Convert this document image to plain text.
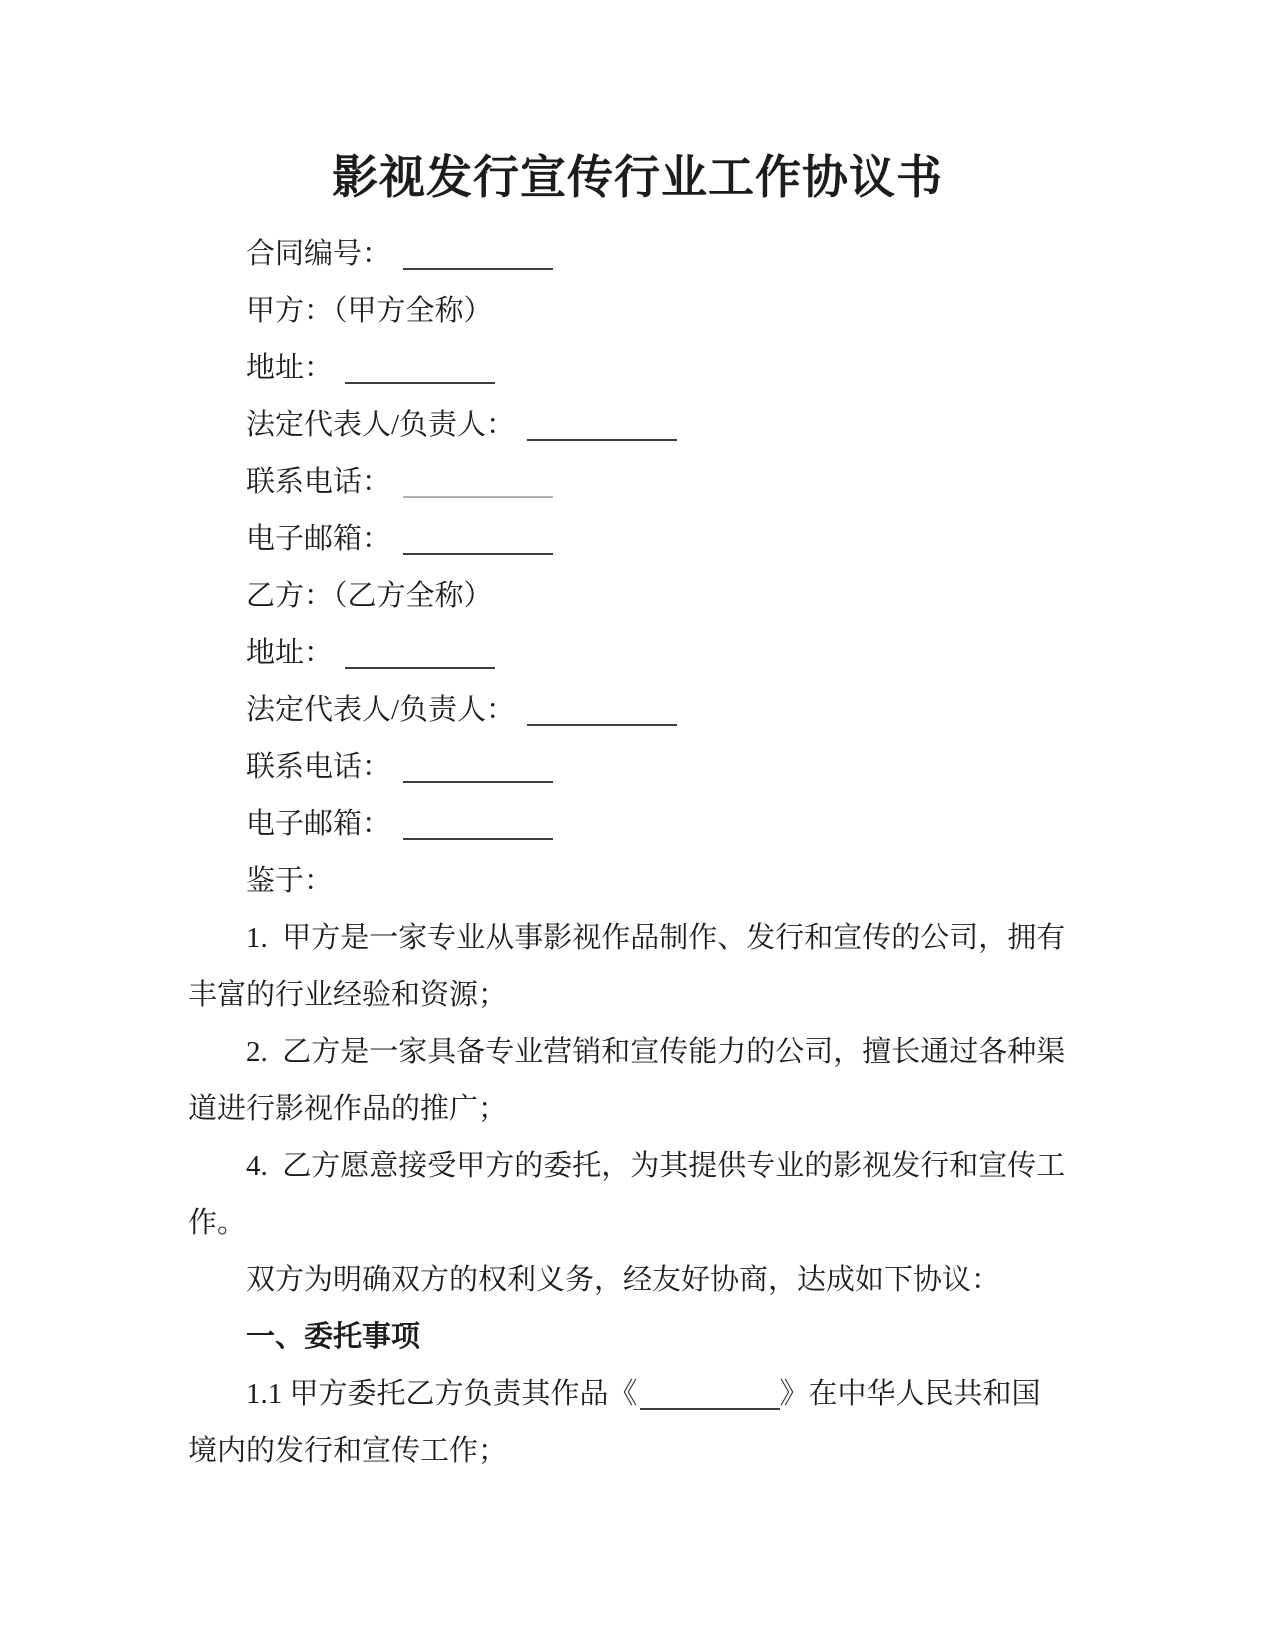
影视发行宣传行业工作协议书
合同编号：
甲方：（甲方全称）
地址：
法定代表人/负责人：
联系电话：
电子邮箱：
乙方：（乙方全称）
地址：
法定代表人/负责人：
联系电话：
电子邮箱：
鉴于：
1.  甲方是一家专业从事影视作品制作、发行和宣传的公司，拥有
丰富的行业经验和资源；
2.  乙方是一家具备专业营销和宣传能力的公司，擅长通过各种渠
道进行影视作品的推广；
4.  乙方愿意接受甲方的委托，为其提供专业的影视发行和宣传工
作。
双方为明确双方的权利义务，经友好协商，达成如下协议：
一、委托事项
1.1 甲方委托乙方负责其作品《	》在中华人民共和国
境内的发行和宣传工作；
